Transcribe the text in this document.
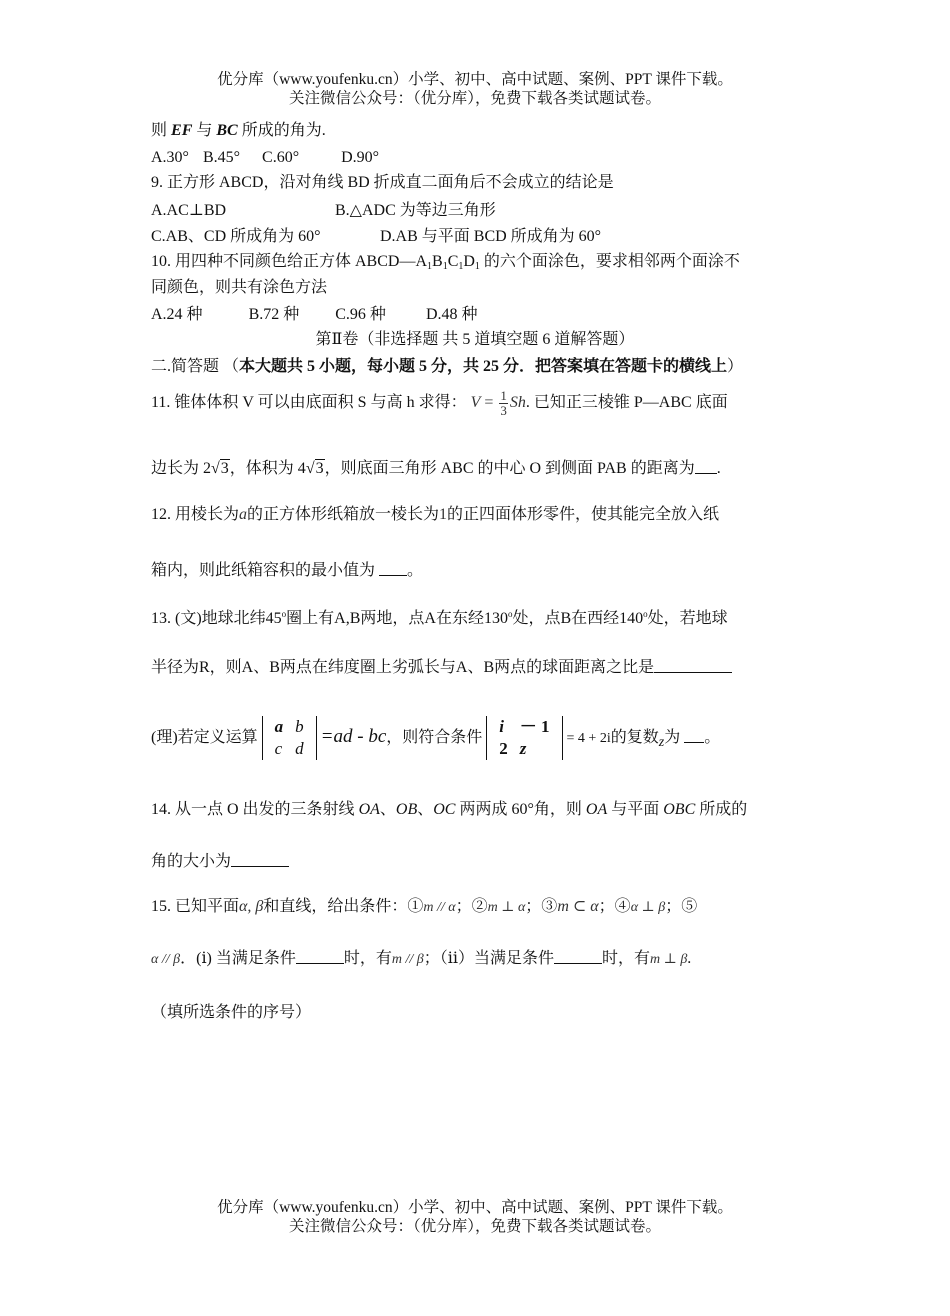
优分库（www.youfenku.cn）小学、初中、高中试题、案例、PPT 课件下载。
关注微信公众号：（优分库），免费下载各类试题试卷。
则 EF 与 BC 所成的角为.
A.30° B.45° C.60°	D.90°
9. 正方形 ABCD，沿对角线 BD 折成直二面角后不会成立的结论是
A.AC⊥BD	B.△ADC 为等边三角形
C.AB、CD 所成角为 60°	D.AB 与平面 BCD 所成角为 60°
10. 用四种不同颜色给正方体 $ABCD—A_1B_1C_1D_1$ 的六个面涂色，要求相邻两个面涂不
同颜色，则共有涂色方法
A.24 种	B.72 种 C.96 种	D.48 种
第Ⅱ卷（非选择题 共 5 道填空题 6 道解答题）
二.简答题 （本大题共 5 小题，每小题 5 分，共 25 分．把答案填在答题卡的横线上）
11. 锥体体积 V 可以由底面积 S 与高 h 求得： $V = \frac{1}{3} Sh$. 已知正三棱锥 P—ABC 底面
边长为 2√3，体积为 4√3，则底面三角形 ABC 的中心 O 到侧面 PAB 的距离为 .
12. 用棱长为a的正方体形纸箱放一棱长为1的正四面体形零件，使其能完全放入纸
箱内，则此纸箱容积的最小值为 。
13. (文)地球北纬45$^o$圈上有A,B两地，点A在东经130$^o$处，点B在西经140$^o$处，若地球
半径为R，则A、B两点在纬度圈上劣弧长与A、B两点的球面距离之比是
(理)若定义运算
a	b
c	d
=ad - bc，则符合条件
i	－ 1
2	z
= 4 + 2i的复数z为 。
14. 从一点 O 出发的三条射线 OA、OB、OC 两两成 60°角，则 OA 与平面 OBC 所成的
角的大小为
15. 已知平面α, β和直线，给出条件：①m // α；②m ⊥ α；③m ⊂ α；④α ⊥ β；⑤
α // β．(ⅰ) 当满足条件	时，有m // β；（ⅱ）当满足条件	时，有m ⊥ β.
（填所选条件的序号）
优分库（www.youfenku.cn）小学、初中、高中试题、案例、PPT 课件下载。
关注微信公众号：（优分库），免费下载各类试题试卷。
